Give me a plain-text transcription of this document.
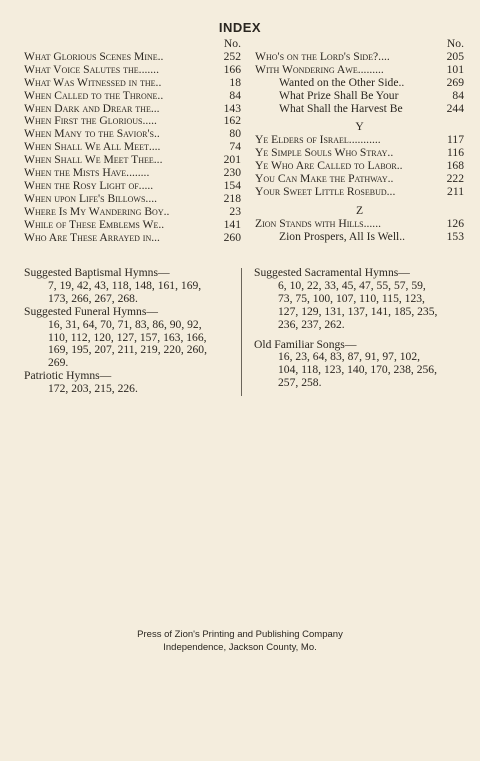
INDEX
No.
What Glorious Scenes Mine..	252
What Voice Salutes the.......	166
What Was Witnessed in the..	18
When Called to the Throne..	84
When Dark and Drear the...	143
When First the Glorious.....	162
When Many to the Savior's..	80
When Shall We All Meet....	74
When Shall We Meet Thee...	201
When the Mists Have........	230
When the Rosy Light of.....	154
When upon Life's Billows....	218
Where Is My Wandering Boy..	23
While of These Emblems We..	141
Who Are These Arrayed in...	260
No.
Who's on the Lord's Side?....	205
With Wondering Awe.........	101
Wanted on the Other Side..	269
What Prize Shall Be Your	84
What Shall the Harvest Be	244
Y
Ye Elders of Israel...........	117
Ye Simple Souls Who Stray..	116
Ye Who Are Called to Labor..	168
You Can Make the Pathway..	222
Your Sweet Little Rosebud...	211
Z
Zion Stands with Hills......	126
Zion Prospers, All Is Well..	153
Suggested Baptismal Hymns—
7, 19, 42, 43, 118, 148, 161, 169,
173, 266, 267, 268.
Suggested Funeral Hymns—
16, 31, 64, 70, 71, 83, 86, 90, 92,
110, 112, 120, 127, 157, 163, 166,
169, 195, 207, 211, 219, 220, 260,
269.
Patriotic Hymns—
172, 203, 215, 226.
Suggested Sacramental Hymns—
6, 10, 22, 33, 45, 47, 55, 57, 59,
73, 75, 100, 107, 110, 115, 123,
127, 129, 131, 137, 141, 185, 235,
236, 237, 262.
Old Familiar Songs—
16, 23, 64, 83, 87, 91, 97, 102,
104, 118, 123, 140, 170, 238, 256,
257, 258.
Press of Zion's Printing and Publishing Company
Independence, Jackson County, Mo.
